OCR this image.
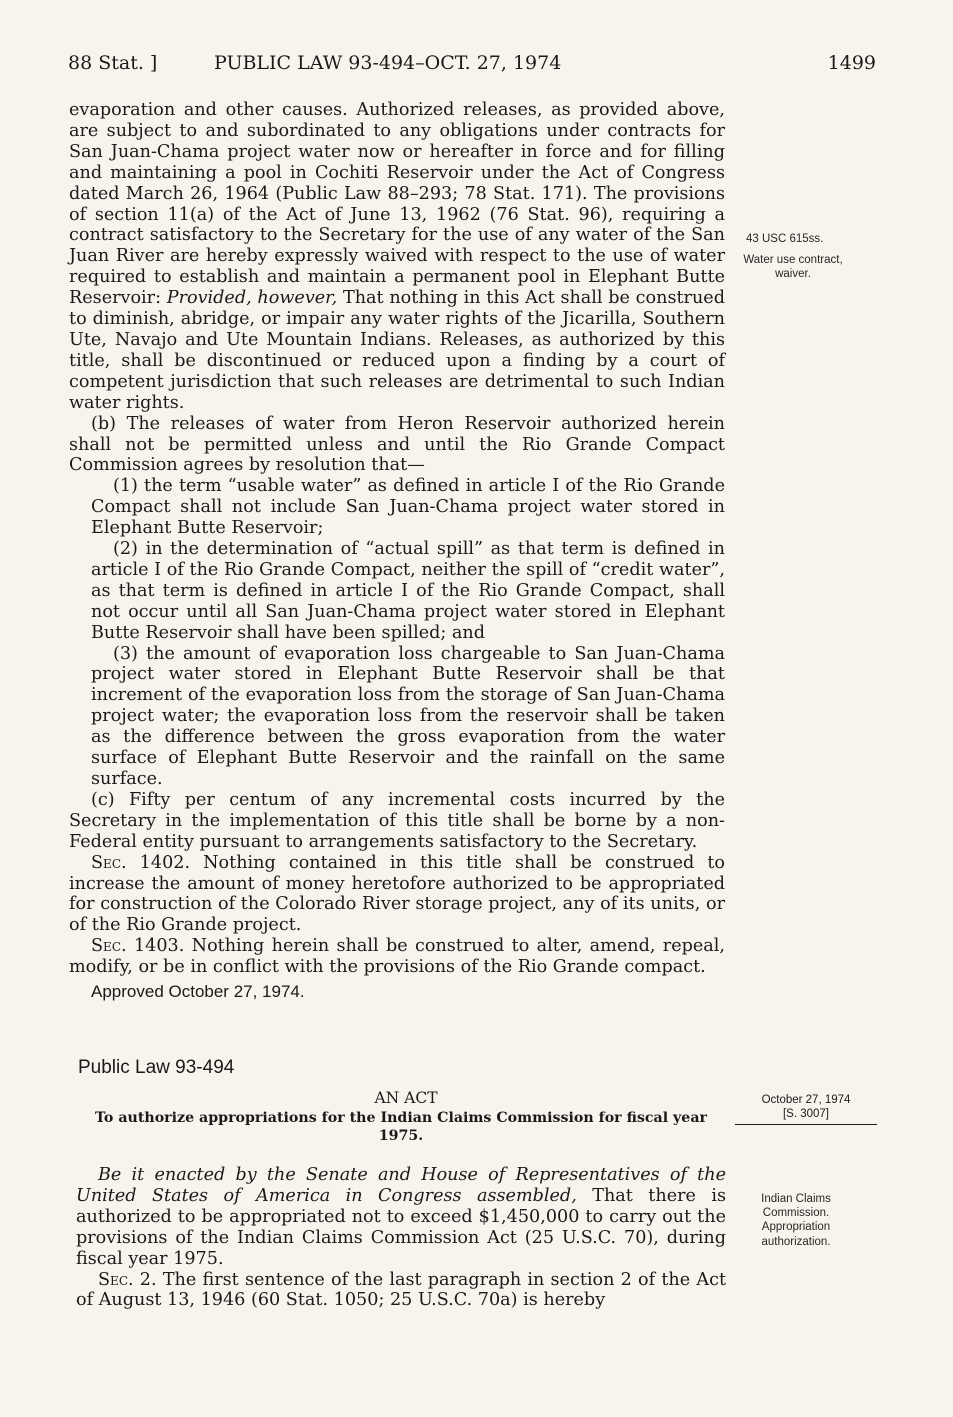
88 Stat. ]	PUBLIC LAW 93-494–OCT. 27, 1974	1499

evaporation and other causes. Authorized releases, as provided above, are subject to and subordinated to any obligations under contracts for San Juan-Chama project water now or hereafter in force and for filling and maintaining a pool in Cochiti Reservoir under the Act of Congress dated March 26, 1964 (Public Law 88–293; 78 Stat. 171). The provisions of section 11(a) of the Act of June 13, 1962 (76 Stat. 96), requiring a contract satisfactory to the Secretary for the use of any water of the San Juan River are hereby expressly waived with respect to the use of water required to establish and maintain a permanent pool in Elephant Butte Reservoir: Provided, however, That nothing in this Act shall be construed to diminish, abridge, or impair any water rights of the Jicarilla, Southern Ute, Navajo and Ute Mountain Indians. Releases, as authorized by this title, shall be discontinued or reduced upon a finding by a court of competent jurisdiction that such releases are detrimental to such Indian water rights.

(b) The releases of water from Heron Reservoir authorized herein shall not be permitted unless and until the Rio Grande Compact Commission agrees by resolution that—

(1) the term “usable water” as defined in article I of the Rio Grande Compact shall not include San Juan-Chama project water stored in Elephant Butte Reservoir;

(2) in the determination of “actual spill” as that term is defined in article I of the Rio Grande Compact, neither the spill of “credit water”, as that term is defined in article I of the Rio Grande Compact, shall not occur until all San Juan-Chama project water stored in Elephant Butte Reservoir shall have been spilled; and

(3) the amount of evaporation loss chargeable to San Juan-Chama project water stored in Elephant Butte Reservoir shall be that increment of the evaporation loss from the storage of San Juan-Chama project water; the evaporation loss from the reservoir shall be taken as the difference between the gross evaporation from the water surface of Elephant Butte Reservoir and the rainfall on the same surface.

(c) Fifty per centum of any incremental costs incurred by the Secretary in the implementation of this title shall be borne by a non-Federal entity pursuant to arrangements satisfactory to the Secretary.

Sec. 1402. Nothing contained in this title shall be construed to increase the amount of money heretofore authorized to be appropriated for construction of the Colorado River storage project, any of its units, or of the Rio Grande project.

Sec. 1403. Nothing herein shall be construed to alter, amend, repeal, modify, or be in conflict with the provisions of the Rio Grande compact.

Approved October 27, 1974.

43 USC 615ss.
Water use contract, waiver.
Public Law 93-494
AN ACT
To authorize appropriations for the Indian Claims Commission for fiscal year 1975.

Be it enacted by the Senate and House of Representatives of the United States of America in Congress assembled, That there is authorized to be appropriated not to exceed $1,450,000 to carry out the provisions of the Indian Claims Commission Act (25 U.S.C. 70), during fiscal year 1975.

Sec. 2. The first sentence of the last paragraph in section 2 of the Act of August 13, 1946 (60 Stat. 1050; 25 U.S.C. 70a) is hereby

October 27, 1974
[S. 3007]
Indian Claims Commission. Appropriation authorization.
